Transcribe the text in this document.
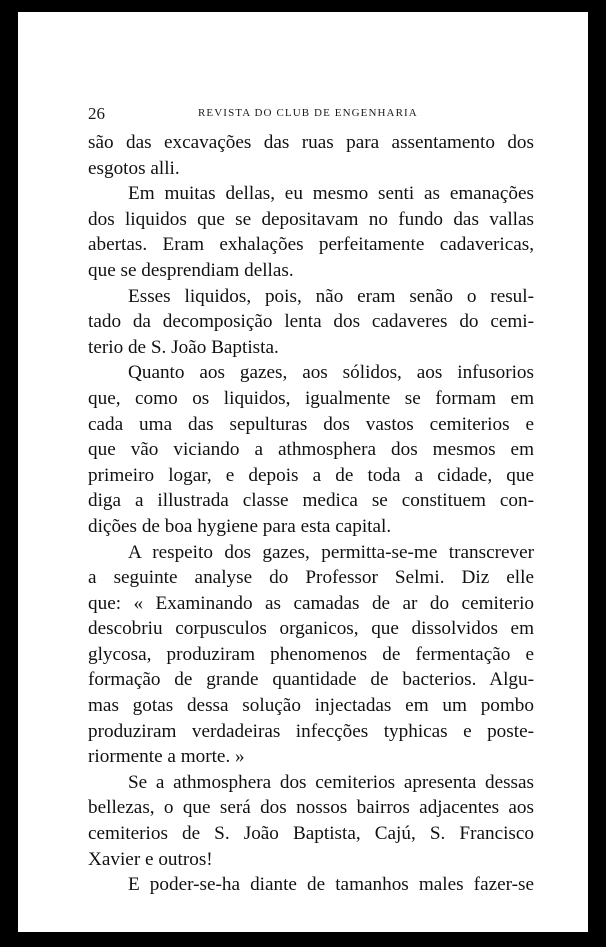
26	REVISTA DO CLUB DE ENGENHARIA
são das excavações das ruas para assentamento dos
esgotos alli.
Em muitas dellas, eu mesmo senti as emanações
dos liquidos que se depositavam no fundo das vallas
abertas. Eram exhalações perfeitamente cadavericas,
que se desprendiam dellas.
Esses liquidos, pois, não eram senão o resul-
tado da decomposição lenta dos cadaveres do cemi-
terio de S. João Baptista.
Quanto aos gazes, aos sólidos, aos infusorios
que, como os liquidos, igualmente se formam em
cada uma das sepulturas dos vastos cemiterios e
que vão viciando a athmosphera dos mesmos em
primeiro logar, e depois a de toda a cidade, que
diga a illustrada classe medica se constituem con-
dições de boa hygiene para esta capital.
A respeito dos gazes, permitta-se-me transcrever
a seguinte analyse do Professor Selmi. Diz elle
que: « Examinando as camadas de ar do cemiterio
descobriu corpusculos organicos, que dissolvidos em
glycosa, produziram phenomenos de fermentação e
formação de grande quantidade de bacterios. Algu-
mas gotas dessa solução injectadas em um pombo
produziram verdadeiras infecções typhicas e poste-
riormente a morte. »
Se a athmosphera dos cemiterios apresenta dessas
bellezas, o que será dos nossos bairros adjacentes aos
cemiterios de S. João Baptista, Cajú, S. Francisco
Xavier e outros!
E poder-se-ha diante de tamanhos males fazer-se
